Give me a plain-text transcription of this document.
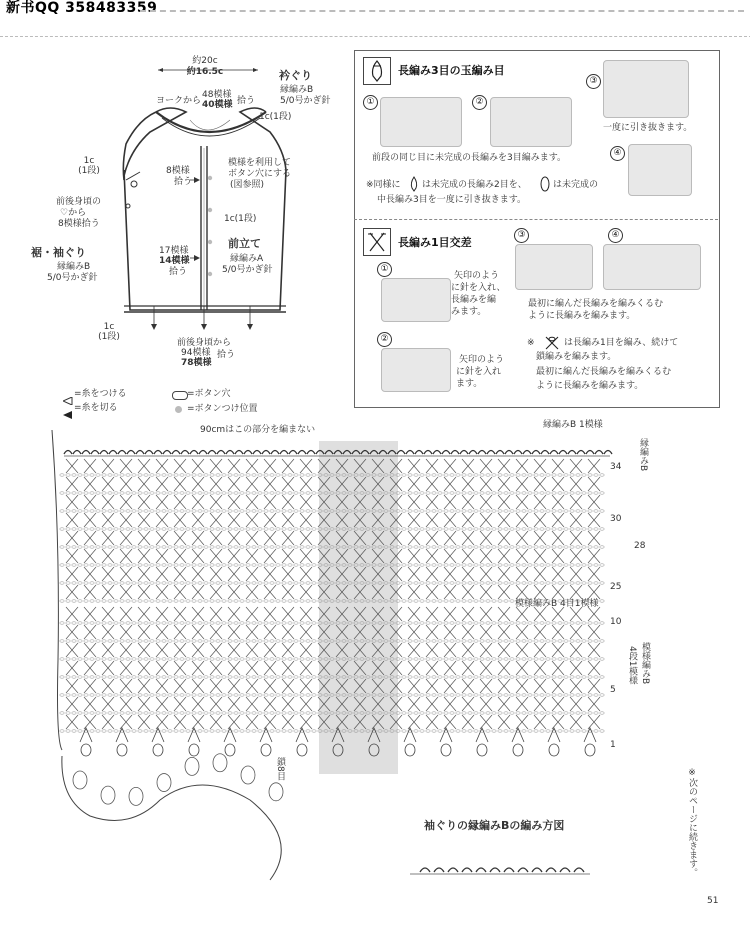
新书QQ 358483359
約20c
約16.5c	衿ぐり
縁編みB
5/0号かぎ針
ヨークから
48模様
40模様 拾う
1c(1段)
1c
(1段)	8模様
拾う
模様を利用して
ボタン穴にする
(図参照)
前後身頃の
♡から
8模様拾う	1c(1段)
裾・袖ぐり
縁編みB
5/0号かぎ針
前立て
縁編みA
5/0号かぎ針
17模様
14模様
拾う
1c
(1段)
前後身頃から
94模様
78模様
拾う
=糸をつける
=糸を切る
=ボタン穴
=ボタンつけ位置
長編み3目の玉編み目
①	②
③
一度に引き抜きます。
④
前段の同じ目に未完成の長編みを3目編みます。
※同様に は未完成の長編み2目を、	は未完成の
中長編み3目を一度に引き抜きます。
長編み1目交差
①
矢印のよう
に針を入れ、
長編みを編
みます。
③	④
最初に編んだ長編みを編みくるむ
ように長編みを編みます。
②
矢印のよう
に針を入れ
ます。
※	は長編み1目を編み、続けて
鎖編みを編みます。
最初に編んだ長編みを編みくるむ
ように長編みを編みます。
90cmはこの部分を編まない	縁編みB 1模様
縁編みB
34
30
28
25
模様編みB 4目1模様
10
模様編みB
4段1模様
5
1
鎖8目
袖ぐりの縁編みBの編み方図	※次のページに続きます。
51
